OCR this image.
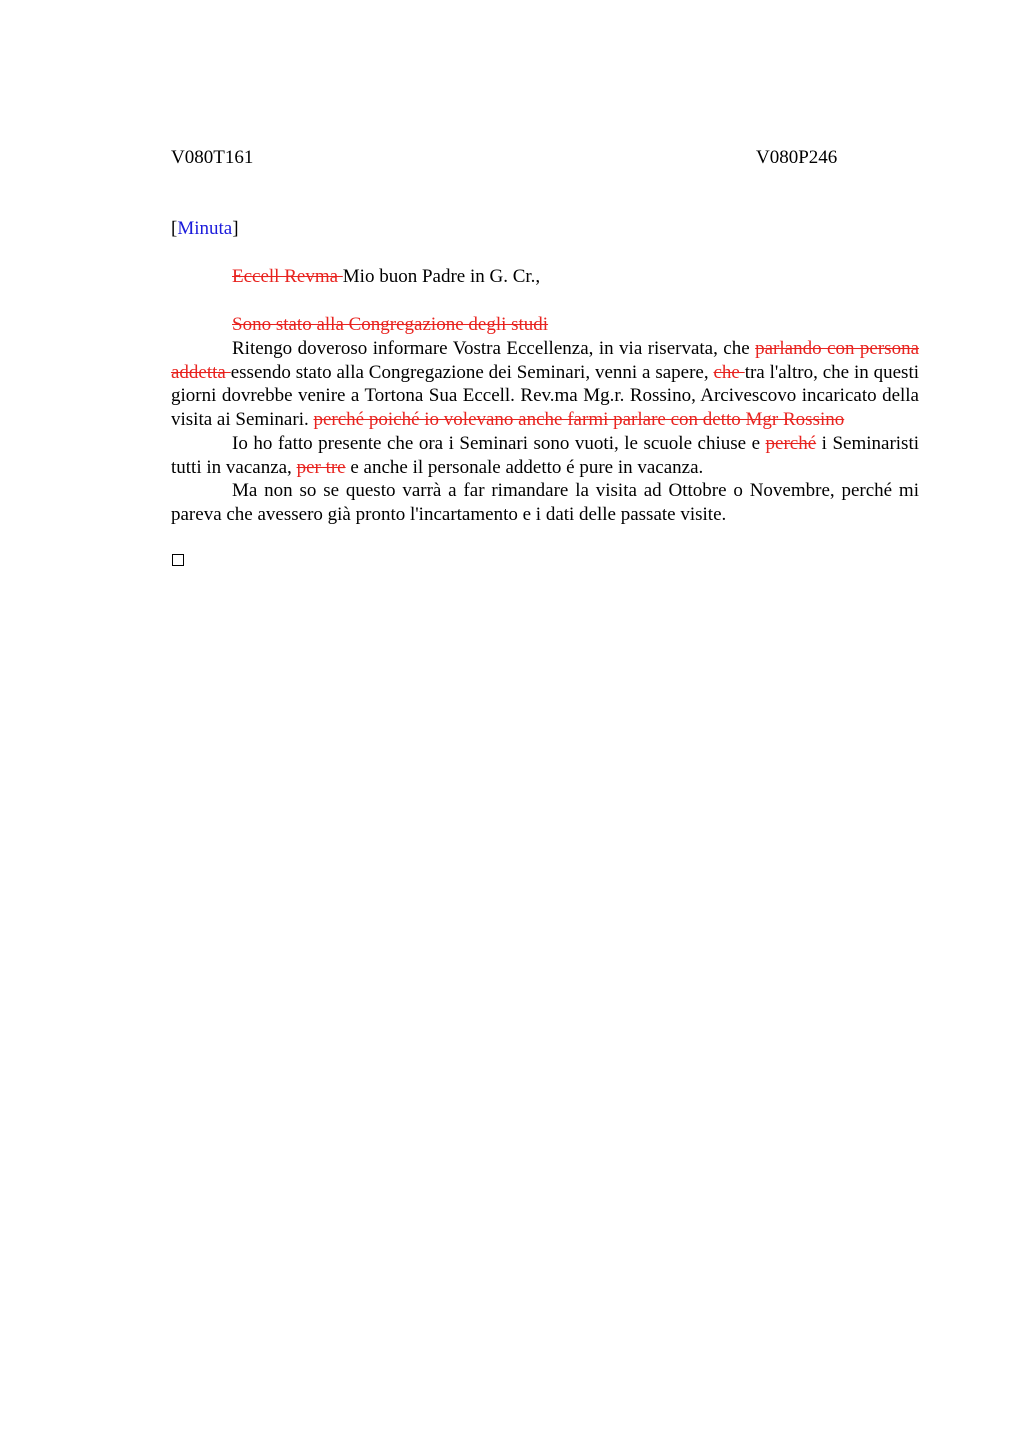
V080T161	V080P246
[Minuta]
Eccell Revma Mio buon Padre in G. Cr.,
Sono stato alla Congregazione degli studi

Ritengo doveroso informare Vostra Eccellenza, in via riservata, che parlando con persona addetta essendo stato alla Congregazione dei Seminari, venni a sapere, che tra l'altro, che in questi giorni dovrebbe venire a Tortona Sua Eccell. Rev.ma Mg.r. Rossino, Arcivescovo incaricato della visita ai Seminari. perché poiché io volevano anche farmi parlare con detto Mgr Rossino

Io ho fatto presente che ora i Seminari sono vuoti, le scuole chiuse e perché i Seminaristi tutti in vacanza, per tre e anche il personale addetto é pure in vacanza.

Ma non so se questo varrà a far rimandare la visita ad Ottobre o Novembre, perché mi pareva che avessero già pronto l'incartamento e i dati delle passate visite.
